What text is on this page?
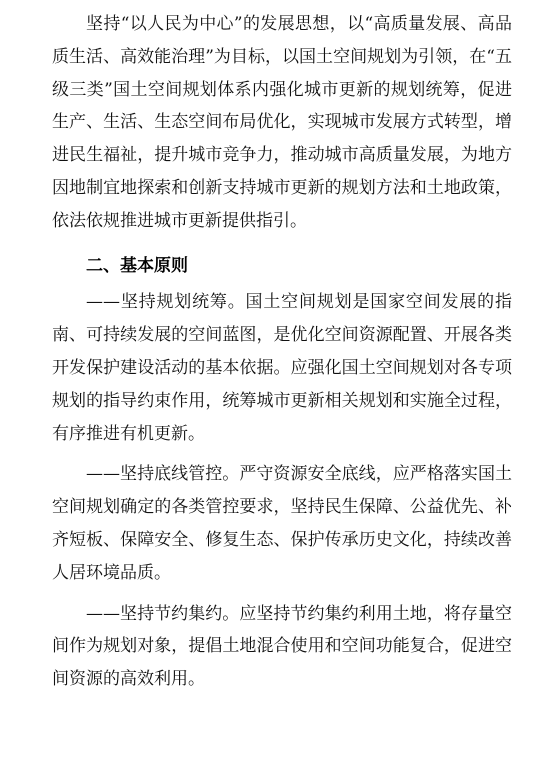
坚持“以人民为中心”的发展思想，以“高质量发展、高品质生活、高效能治理”为目标，以国土空间规划为引领，在“五级三类”国土空间规划体系内强化城市更新的规划统筹，促进生产、生活、生态空间布局优化，实现城市发展方式转型，增进民生福祉，提升城市竞争力，推动城市高质量发展，为地方因地制宜地探索和创新支持城市更新的规划方法和土地政策，依法依规推进城市更新提供指引。

二、基本原则

——坚持规划统筹。国土空间规划是国家空间发展的指南、可持续发展的空间蓝图，是优化空间资源配置、开展各类开发保护建设活动的基本依据。应强化国土空间规划对各专项规划的指导约束作用，统筹城市更新相关规划和实施全过程，有序推进有机更新。

——坚持底线管控。严守资源安全底线，应严格落实国土空间规划确定的各类管控要求，坚持民生保障、公益优先、补齐短板、保障安全、修复生态、保护传承历史文化，持续改善人居环境品质。

——坚持节约集约。应坚持节约集约利用土地，将存量空间作为规划对象，提倡土地混合使用和空间功能复合，促进空间资源的高效利用。
